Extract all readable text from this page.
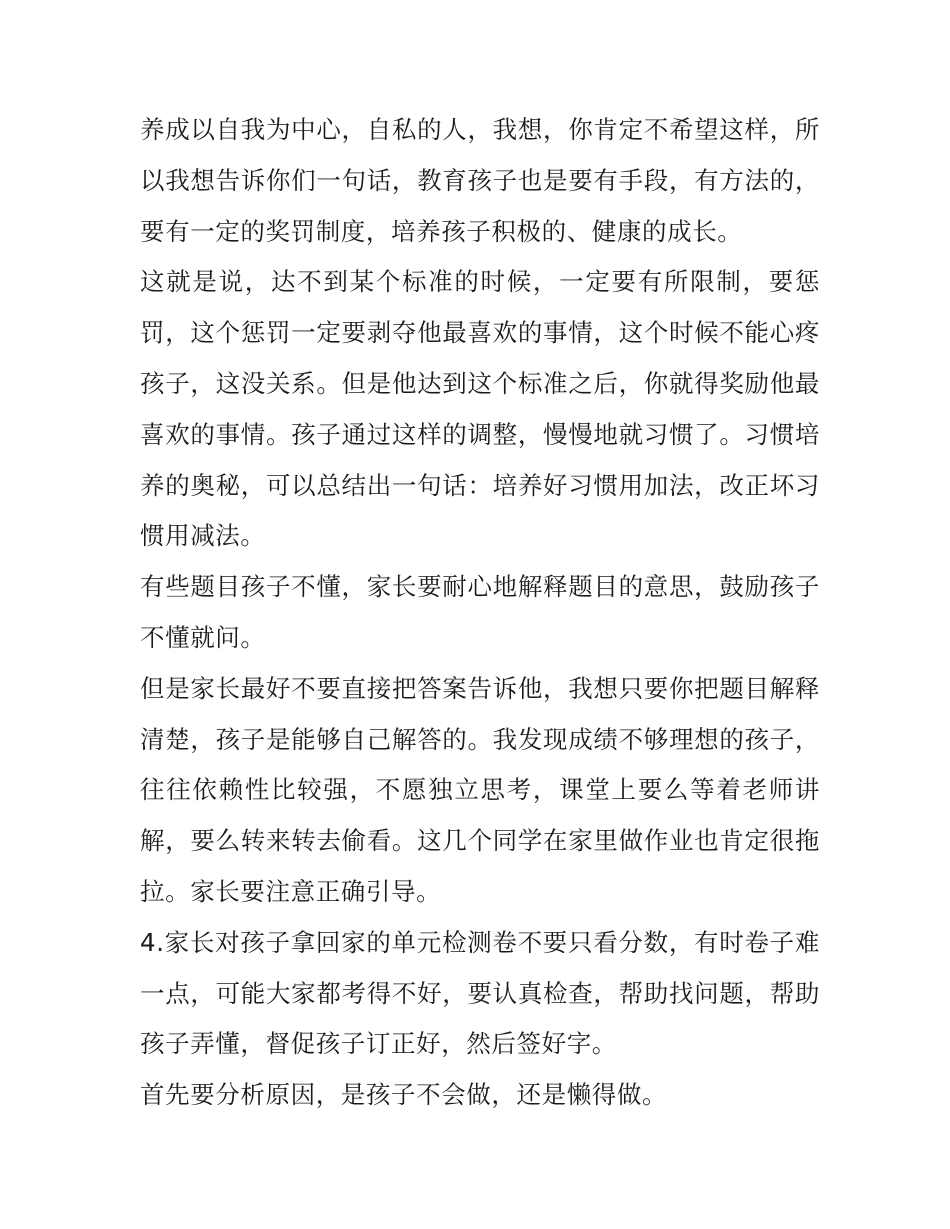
养成以自我为中心，自私的人，我想，你肯定不希望这样，所以我想告诉你们一句话，教育孩子也是要有手段，有方法的，要有一定的奖罚制度，培养孩子积极的、健康的成长。

这就是说，达不到某个标准的时候，一定要有所限制，要惩罚，这个惩罚一定要剥夺他最喜欢的事情，这个时候不能心疼孩子，这没关系。但是他达到这个标准之后，你就得奖励他最喜欢的事情。孩子通过这样的调整，慢慢地就习惯了。习惯培养的奥秘，可以总结出一句话：培养好习惯用加法，改正坏习惯用减法。

有些题目孩子不懂，家长要耐心地解释题目的意思，鼓励孩子不懂就问。

但是家长最好不要直接把答案告诉他，我想只要你把题目解释清楚，孩子是能够自己解答的。我发现成绩不够理想的孩子，往往依赖性比较强，不愿独立思考，课堂上要么等着老师讲解，要么转来转去偷看。这几个同学在家里做作业也肯定很拖拉。家长要注意正确引导。

4.家长对孩子拿回家的单元检测卷不要只看分数，有时卷子难一点，可能大家都考得不好，要认真检查，帮助找问题，帮助孩子弄懂，督促孩子订正好，然后签好字。

首先要分析原因，是孩子不会做，还是懒得做。
